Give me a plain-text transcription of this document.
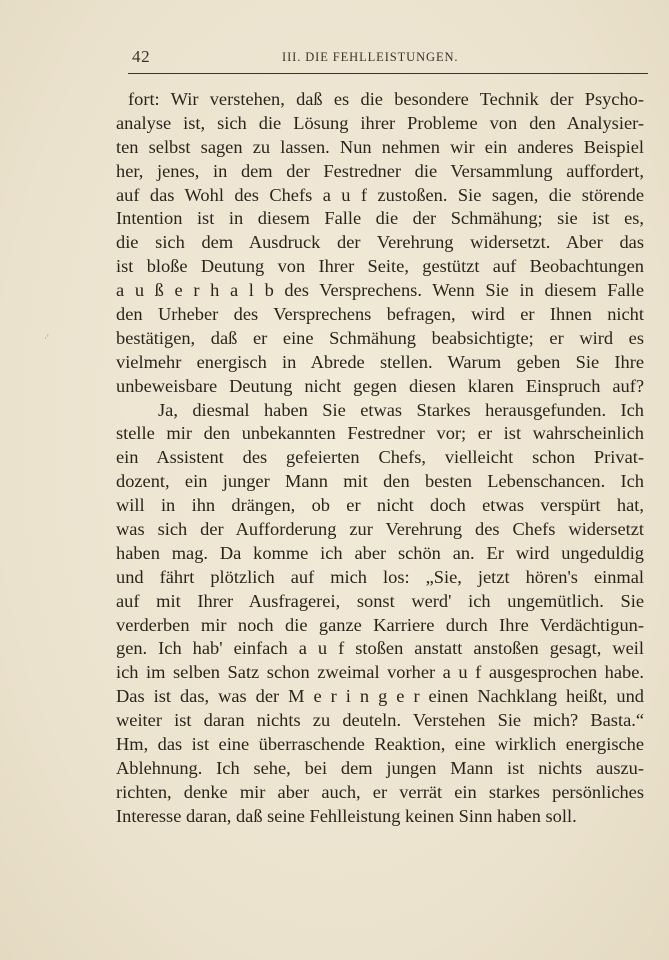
42	III. DIE FEHLLEISTUNGEN.
·'
fort: Wir verstehen, daß es die besondere Technik der Psycho-
analyse ist, sich die Lösung ihrer Probleme von den Analysier-
ten selbst sagen zu lassen. Nun nehmen wir ein anderes Beispiel
her, jenes, in dem der Festredner die Versammlung auffordert,
auf das Wohl des Chefs a u f zustoßen. Sie sagen, die störende
Intention ist in diesem Falle die der Schmähung; sie ist es,
die sich dem Ausdruck der Verehrung widersetzt. Aber das
ist bloße Deutung von Ihrer Seite, gestützt auf Beobachtungen
a u ß e r h a l b des Versprechens. Wenn Sie in diesem Falle
den Urheber des Versprechens befragen, wird er Ihnen nicht
bestätigen, daß er eine Schmähung beabsichtigte; er wird es
vielmehr energisch in Abrede stellen. Warum geben Sie Ihre
unbeweisbare Deutung nicht gegen diesen klaren Einspruch auf?
Ja, diesmal haben Sie etwas Starkes herausgefunden. Ich
stelle mir den unbekannten Festredner vor; er ist wahrscheinlich
ein Assistent des gefeierten Chefs, vielleicht schon Privat-
dozent, ein junger Mann mit den besten Lebenschancen. Ich
will in ihn drängen, ob er nicht doch etwas verspürt hat,
was sich der Aufforderung zur Verehrung des Chefs widersetzt
haben mag. Da komme ich aber schön an. Er wird ungeduldig
und fährt plötzlich auf mich los: „Sie, jetzt hören's einmal
auf mit Ihrer Ausfragerei, sonst werd' ich ungemütlich. Sie
verderben mir noch die ganze Karriere durch Ihre Verdächtigun-
gen. Ich hab' einfach a u f stoßen anstatt anstoßen gesagt, weil
ich im selben Satz schon zweimal vorher a u f ausgesprochen habe.
Das ist das, was der M e r i n g e r einen Nachklang heißt, und
weiter ist daran nichts zu deuteln. Verstehen Sie mich? Basta.“
Hm, das ist eine überraschende Reaktion, eine wirklich energische
Ablehnung. Ich sehe, bei dem jungen Mann ist nichts auszu-
richten, denke mir aber auch, er verrät ein starkes persönliches
Interesse daran, daß seine Fehlleistung keinen Sinn haben soll.
